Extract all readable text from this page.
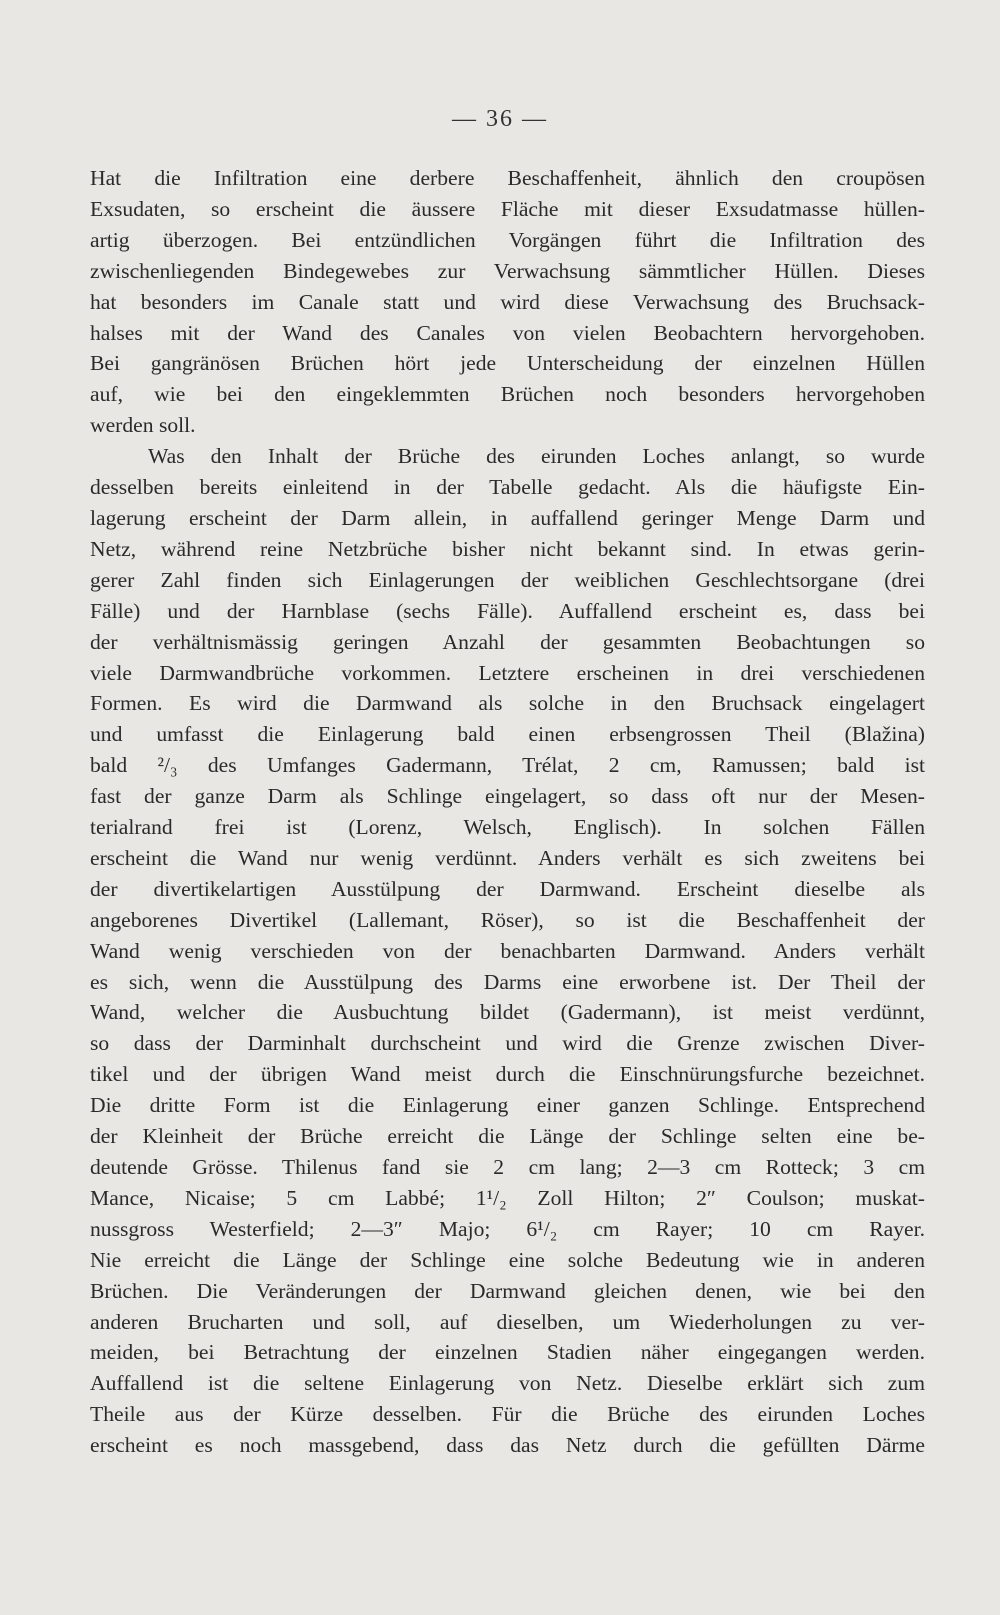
— 36 —
Hat die Infiltration eine derbere Beschaffenheit, ähnlich den croupösen
Exsudaten, so erscheint die äussere Fläche mit dieser Exsudatmasse hüllen-
artig überzogen. Bei entzündlichen Vorgängen führt die Infiltration des
zwischenliegenden Bindegewebes zur Verwachsung sämmtlicher Hüllen. Dieses
hat besonders im Canale statt und wird diese Verwachsung des Bruchsack-
halses mit der Wand des Canales von vielen Beobachtern hervorgehoben.
Bei gangränösen Brüchen hört jede Unterscheidung der einzelnen Hüllen
auf, wie bei den eingeklemmten Brüchen noch besonders hervorgehoben
werden soll.
Was den Inhalt der Brüche des eirunden Loches anlangt, so wurde
desselben bereits einleitend in der Tabelle gedacht. Als die häufigste Ein-
lagerung erscheint der Darm allein, in auffallend geringer Menge Darm und
Netz, während reine Netzbrüche bisher nicht bekannt sind. In etwas gerin-
gerer Zahl finden sich Einlagerungen der weiblichen Geschlechtsorgane (drei
Fälle) und der Harnblase (sechs Fälle). Auffallend erscheint es, dass bei
der verhältnismässig geringen Anzahl der gesammten Beobachtungen so
viele Darmwandbrüche vorkommen. Letztere erscheinen in drei verschiedenen
Formen. Es wird die Darmwand als solche in den Bruchsack eingelagert
und umfasst die Einlagerung bald einen erbsengrossen Theil (Blažina)
bald ²/₃ des Umfanges Gadermann, Trélat, 2 cm, Ramussen; bald ist
fast der ganze Darm als Schlinge eingelagert, so dass oft nur der Mesen-
terialrand frei ist (Lorenz, Welsch, Englisch). In solchen Fällen
erscheint die Wand nur wenig verdünnt. Anders verhält es sich zweitens bei
der divertikelartigen Ausstülpung der Darmwand. Erscheint dieselbe als
angeborenes Divertikel (Lallemant, Röser), so ist die Beschaffenheit der
Wand wenig verschieden von der benachbarten Darmwand. Anders verhält
es sich, wenn die Ausstülpung des Darms eine erworbene ist. Der Theil der
Wand, welcher die Ausbuchtung bildet (Gadermann), ist meist verdünnt,
so dass der Darminhalt durchscheint und wird die Grenze zwischen Diver-
tikel und der übrigen Wand meist durch die Einschnürungsfurche bezeichnet.
Die dritte Form ist die Einlagerung einer ganzen Schlinge. Entsprechend
der Kleinheit der Brüche erreicht die Länge der Schlinge selten eine be-
deutende Grösse. Thilenus fand sie 2 cm lang; 2—3 cm Rotteck; 3 cm
Mance, Nicaise; 5 cm Labbé; 1¹/₂ Zoll Hilton; 2″ Coulson; muskat-
nussgross Westerfield; 2—3″ Majo; 6¹/₂ cm Rayer; 10 cm Rayer.
Nie erreicht die Länge der Schlinge eine solche Bedeutung wie in anderen
Brüchen. Die Veränderungen der Darmwand gleichen denen, wie bei den
anderen Brucharten und soll, auf dieselben, um Wiederholungen zu ver-
meiden, bei Betrachtung der einzelnen Stadien näher eingegangen werden.
Auffallend ist die seltene Einlagerung von Netz. Dieselbe erklärt sich zum
Theile aus der Kürze desselben. Für die Brüche des eirunden Loches
erscheint es noch massgebend, dass das Netz durch die gefüllten Därme
